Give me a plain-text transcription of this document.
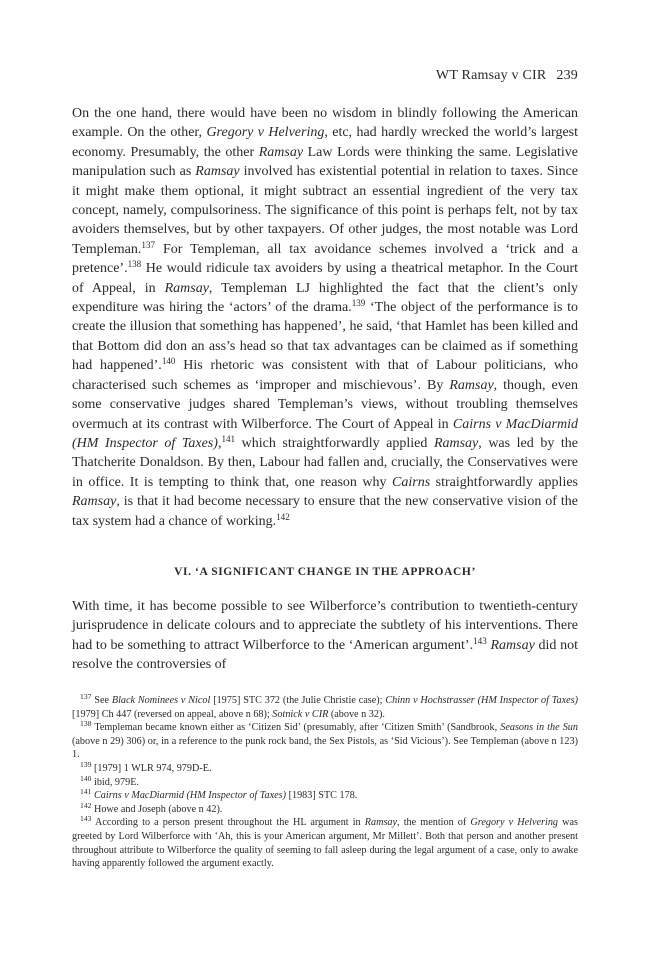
WT Ramsay v CIR 239

On the one hand, there would have been no wisdom in blindly following the American example. On the other, Gregory v Helvering, etc, had hardly wrecked the world’s largest economy. Presumably, the other Ramsay Law Lords were thinking the same. Legislative manipulation such as Ramsay involved has existential potential in relation to taxes. Since it might make them optional, it might subtract an essential ingredient of the very tax concept, namely, compulsoriness. The significance of this point is perhaps felt, not by tax avoiders themselves, but by other taxpayers. Of other judges, the most notable was Lord Templeman.$^{137}$ For Templeman, all tax avoidance schemes involved a ‘trick and a pretence’.$^{138}$ He would ridicule tax avoiders by using a theatrical metaphor. In the Court of Appeal, in Ramsay, Templeman LJ highlighted the fact that the client’s only expenditure was hiring the ‘actors’ of the drama.$^{139}$ ‘The object of the performance is to create the illusion that something has happened’, he said, ‘that Hamlet has been killed and that Bottom did don an ass’s head so that tax advantages can be claimed as if something had happened’.$^{140}$ His rhetoric was consistent with that of Labour politicians, who characterised such schemes as ‘improper and mischievous’. By Ramsay, though, even some conservative judges shared Templeman’s views, without troubling themselves overmuch at its contrast with Wilberforce. The Court of Appeal in Cairns v MacDiarmid (HM Inspector of Taxes),$^{141}$ which straightforwardly applied Ramsay, was led by the Thatcherite Donaldson. By then, Labour had fallen and, crucially, the Conservatives were in office. It is tempting to think that, one reason why Cairns straightforwardly applies Ramsay, is that it had become necessary to ensure that the new conservative vision of the tax system had a chance of working.$^{142}$

VI. ‘A SIGNIFICANT CHANGE IN THE APPROACH’

With time, it has become possible to see Wilberforce’s contribution to twentieth-century jurisprudence in delicate colours and to appreciate the subtlety of his interventions. There had to be something to attract Wilberforce to the ‘American argument’.$^{143}$ Ramsay did not resolve the controversies of

$^{137}$ See Black Nominees v Nicol [1975] STC 372 (the Julie Christie case); Chinn v Hochstrasser (HM Inspector of Taxes) [1979] Ch 447 (reversed on appeal, above n 68); Sotnick v CIR (above n 32).

$^{138}$ Templeman became known either as ‘Citizen Sid’ (presumably, after ‘Citizen Smith’ (Sandbrook, Seasons in the Sun (above n 29) 306) or, in a reference to the punk rock band, the Sex Pistols, as ‘Sid Vicious’). See Templeman (above n 123) 1.

$^{139}$ [1979] 1 WLR 974, 979D-E.

$^{140}$ ibid, 979E.

$^{141}$ Cairns v MacDiarmid (HM Inspector of Taxes) [1983] STC 178.

$^{142}$ Howe and Joseph (above n 42).

$^{143}$ According to a person present throughout the HL argument in Ramsay, the mention of Gregory v Helvering was greeted by Lord Wilberforce with ‘Ah, this is your American argument, Mr Millett’. Both that person and another present throughout attribute to Wilberforce the quality of seeming to fall asleep during the legal argument of a case, only to awake having apparently followed the argument exactly.
